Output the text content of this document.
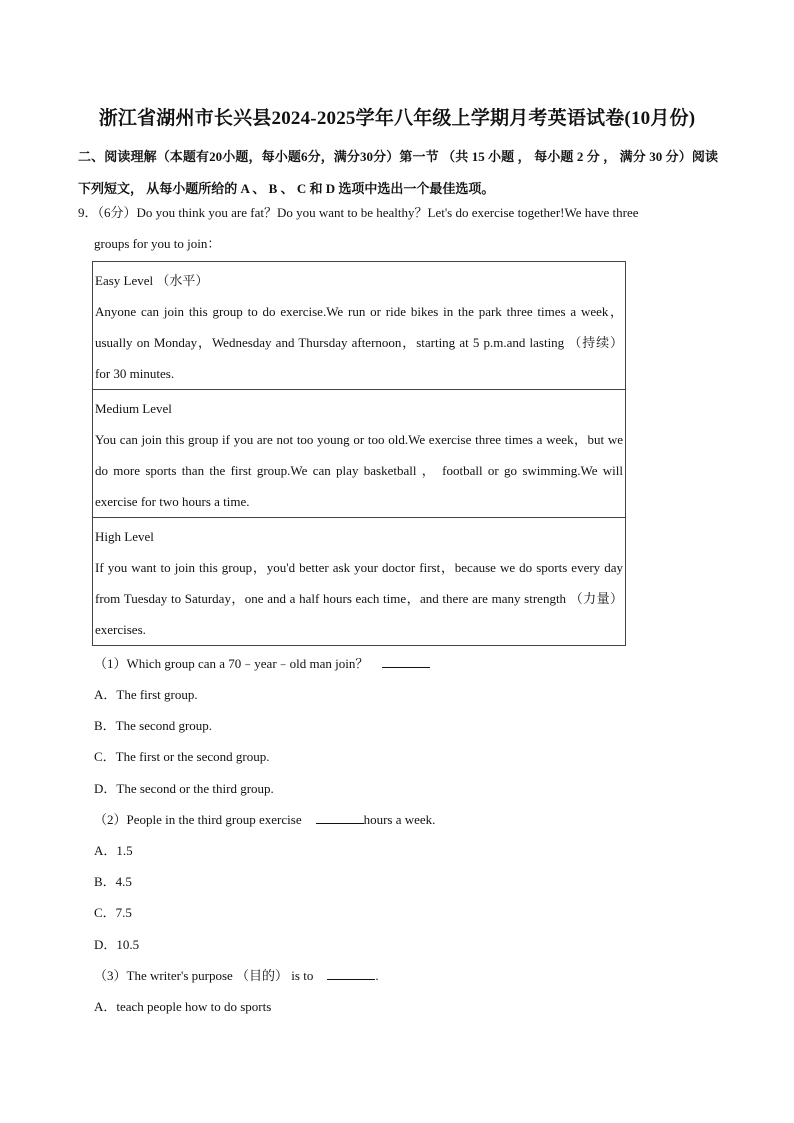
浙江省湖州市长兴县2024-2025学年八年级上学期月考英语试卷(10月份)
二、阅读理解（本题有20小题，每小题6分，满分30分）第一节 （共 15 小题 ， 每小题 2 分 ， 满分 30 分）阅读下列短文， 从每小题所给的 A 、 B 、 C 和 D 选项中选出一个最佳选项。
9．（6分）Do you think you are fat？Do you want to be healthy？Let's do exercise together!We have three
groups for you to join：
Easy Level （水平）
Anyone can join this group to do exercise.We run or ride bikes in the park three times a week，usually on Monday，Wednesday and Thursday afternoon，starting at 5 p.m.and lasting （持续） for 30 minutes.
Medium Level
You can join this group if you are not too young or too old.We exercise three times a week，but we do more sports than the first group.We can play basketball ， football or go swimming.We will exercise for two hours a time.
High Level
If you want to join this group，you'd better ask your doctor first，because we do sports every day from Tuesday to Saturday，one and a half hours each time，and there are many strength （力量） exercises.
（1）Which group can a 70﹣year﹣old man join？
A．The first group.
B．The second group.
C．The first or the second group.
D．The second or the third group.
（2）People in the third group exercise	hours a week.
A．1.5
B．4.5
C．7.5
D．10.5
（3）The writer's purpose （目的） is to	.
A．teach people how to do sports
